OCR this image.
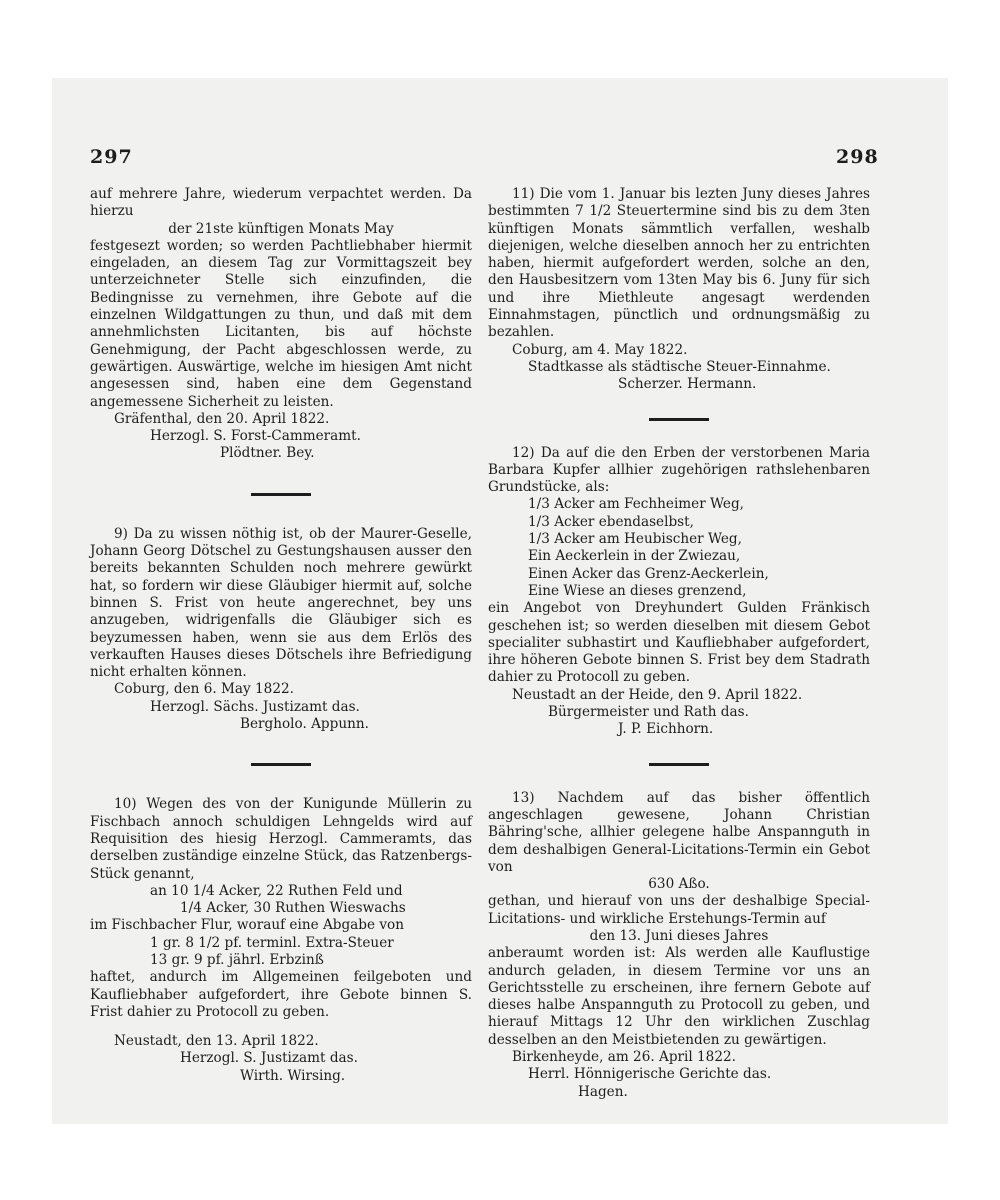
297	298

auf mehrere Jahre, wiederum verpachtet werden. Da hierzu

der 21ste künftigen Monats May

festgesezt worden; so werden Pachtliebhaber hiermit eingeladen, an diesem Tag zur Vormittagszeit bey unterzeichneter Stelle sich einzufinden, die Bedingnisse zu vernehmen, ihre Gebote auf die einzelnen Wildgattungen zu thun, und daß mit dem annehmlichsten Licitanten, bis auf höchste Genehmigung, der Pacht abgeschlossen werde, zu gewärtigen. Auswärtige, welche im hiesigen Amt nicht angesessen sind, haben eine dem Gegenstand angemessene Sicherheit zu leisten.

Gräfenthal, den 20. April 1822.

Herzogl. S. Forst-Cammeramt.

Plödtner. Bey.

9) Da zu wissen nöthig ist, ob der Maurer-Geselle, Johann Georg Dötschel zu Gestungshausen ausser den bereits bekannten Schulden noch mehrere gewürkt hat, so fordern wir diese Gläubiger hiermit auf, solche binnen S. Frist von heute angerechnet, bey uns anzugeben, widrigenfalls die Gläubiger sich es beyzumessen haben, wenn sie aus dem Erlös des verkauften Hauses dieses Dötschels ihre Befriedigung nicht erhalten können.

Coburg, den 6. May 1822.

Herzogl. Sächs. Justizamt das.

Bergholo. Appunn.

10) Wegen des von der Kunigunde Müllerin zu Fischbach annoch schuldigen Lehngelds wird auf Requisition des hiesig Herzogl. Cammeramts, das derselben zuständige einzelne Stück, das Ratzenbergs-Stück genannt,

an 10 1/4 Acker, 22 Ruthen Feld und

1/4 Acker, 30 Ruthen Wieswachs

im Fischbacher Flur, worauf eine Abgabe von

1 gr. 8 1/2 pf. terminl. Extra-Steuer

13 gr. 9 pf. jährl. Erbzinß

haftet, andurch im Allgemeinen feilgeboten und Kaufliebhaber aufgefordert, ihre Gebote binnen S. Frist dahier zu Protocoll zu geben.

Neustadt, den 13. April 1822.

Herzogl. S. Justizamt das.

Wirth. Wirsing.

11) Die vom 1. Januar bis lezten Juny dieses Jahres bestimmten 7 1/2 Steuertermine sind bis zu dem 3ten künftigen Monats sämmtlich verfallen, weshalb diejenigen, welche dieselben annoch her zu entrichten haben, hiermit aufgefordert werden, solche an den, den Hausbesitzern vom 13ten May bis 6. Juny für sich und ihre Miethleute angesagt werdenden Einnahmstagen, pünctlich und ordnungsmäßig zu bezahlen.

Coburg, am 4. May 1822.

Stadtkasse als städtische Steuer-Einnahme.

Scherzer. Hermann.

12) Da auf die den Erben der verstorbenen Maria Barbara Kupfer allhier zugehörigen rathslehenbaren Grundstücke, als:

1/3 Acker am Fechheimer Weg,

1/3 Acker ebendaselbst,

1/3 Acker am Heubischer Weg,

Ein Aeckerlein in der Zwiezau,

Einen Acker das Grenz-Aeckerlein,

Eine Wiese an dieses grenzend,

ein Angebot von Dreyhundert Gulden Fränkisch geschehen ist; so werden dieselben mit diesem Gebot specialiter subhastirt und Kaufliebhaber aufgefordert, ihre höheren Gebote binnen S. Frist bey dem Stadrath dahier zu Protocoll zu geben.

Neustadt an der Heide, den 9. April 1822.

Bürgermeister und Rath das.

J. P. Eichhorn.

13) Nachdem auf das bisher öffentlich angeschlagen gewesene, Johann Christian Bähring'sche, allhier gelegene halbe Anspannguth in dem deshalbigen General-Licitations-Termin ein Gebot von

630 Aßo.

gethan, und hierauf von uns der deshalbige Special-Licitations- und wirkliche Erstehungs-Termin auf

den 13. Juni dieses Jahres

anberaumt worden ist: Als werden alle Kauflustige andurch geladen, in diesem Termine vor uns an Gerichtsstelle zu erscheinen, ihre fernern Gebote auf dieses halbe Anspannguth zu Protocoll zu geben, und hierauf Mittags 12 Uhr den wirklichen Zuschlag desselben an den Meistbietenden zu gewärtigen.

Birkenheyde, am 26. April 1822.

Herrl. Hönnigerische Gerichte das.

Hagen.
